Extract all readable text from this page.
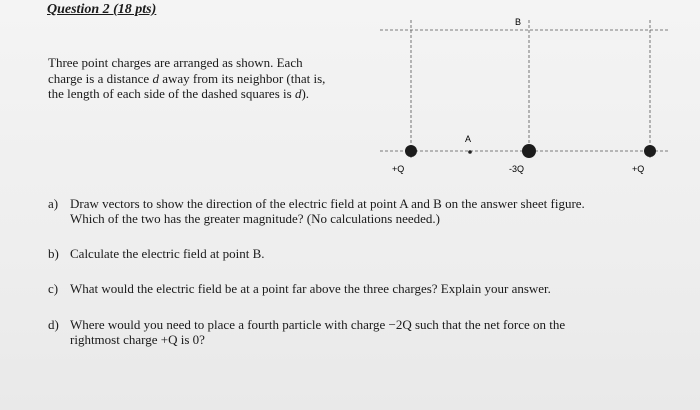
Question 2 (18 pts)
Three point charges are arranged as shown. Each
charge is a distance d away from its neighbor (that is,
the length of each side of the dashed squares is d).
B
A
+Q	-3Q	+Q
a) Draw vectors to show the direction of the electric field at point A and B on the answer sheet figure.
Which of the two has the greater magnitude? (No calculations needed.)
b) Calculate the electric field at point B.
c) What would the electric field be at a point far above the three charges? Explain your answer.
d) Where would you need to place a fourth particle with charge −2Q such that the net force on the
rightmost charge +Q is 0?
